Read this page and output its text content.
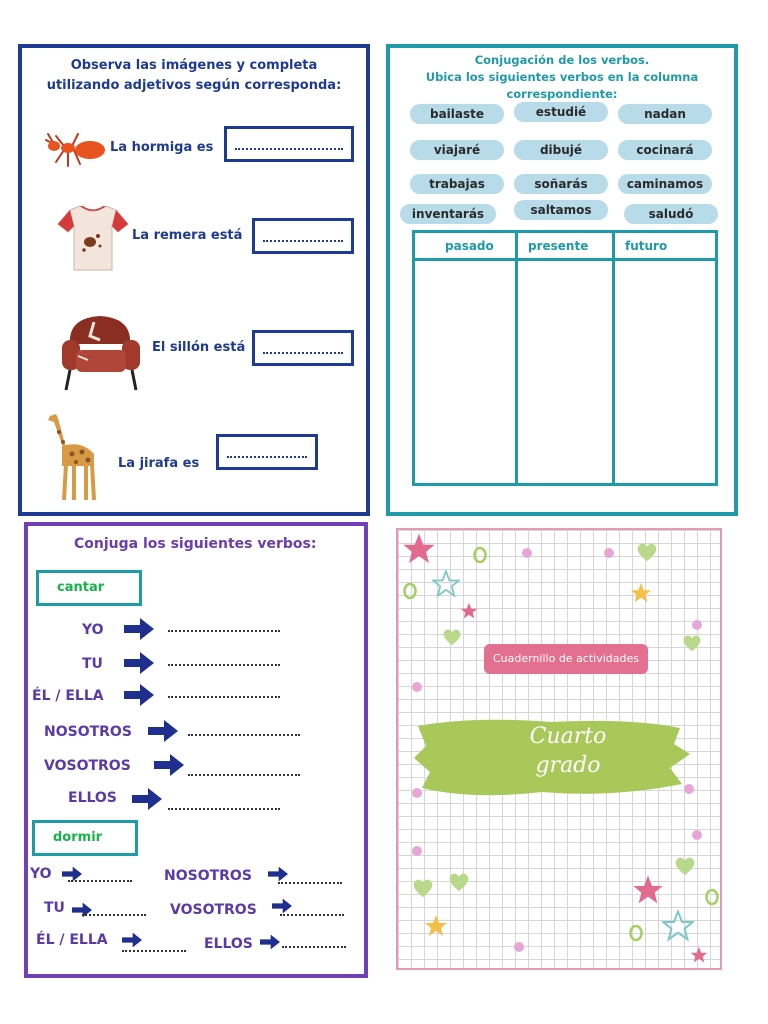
Observa las imágenes y completa
utilizando adjetivos según corresponda:
La hormiga es
La remera está
El sillón está
La jirafa es
Conjugación de los verbos.
Ubica los siguientes verbos en la columna
correspondiente:
bailaste	estudié	nadan
viajaré	dibujé	cocinará
trabajas	soñarás	caminamos
inventarás	saltamos	saludó
pasado	presente	futuro
Conjuga los siguientes verbos:
cantar
YO
TU
ÉL / ELLA
NOSOTROS
VOSOTROS
ELLOS
dormir
YO	NOSOTROS
TU	VOSOTROS
ÉL / ELLA	ELLOS
Cuadernillo de actividades
Cuarto
grado
